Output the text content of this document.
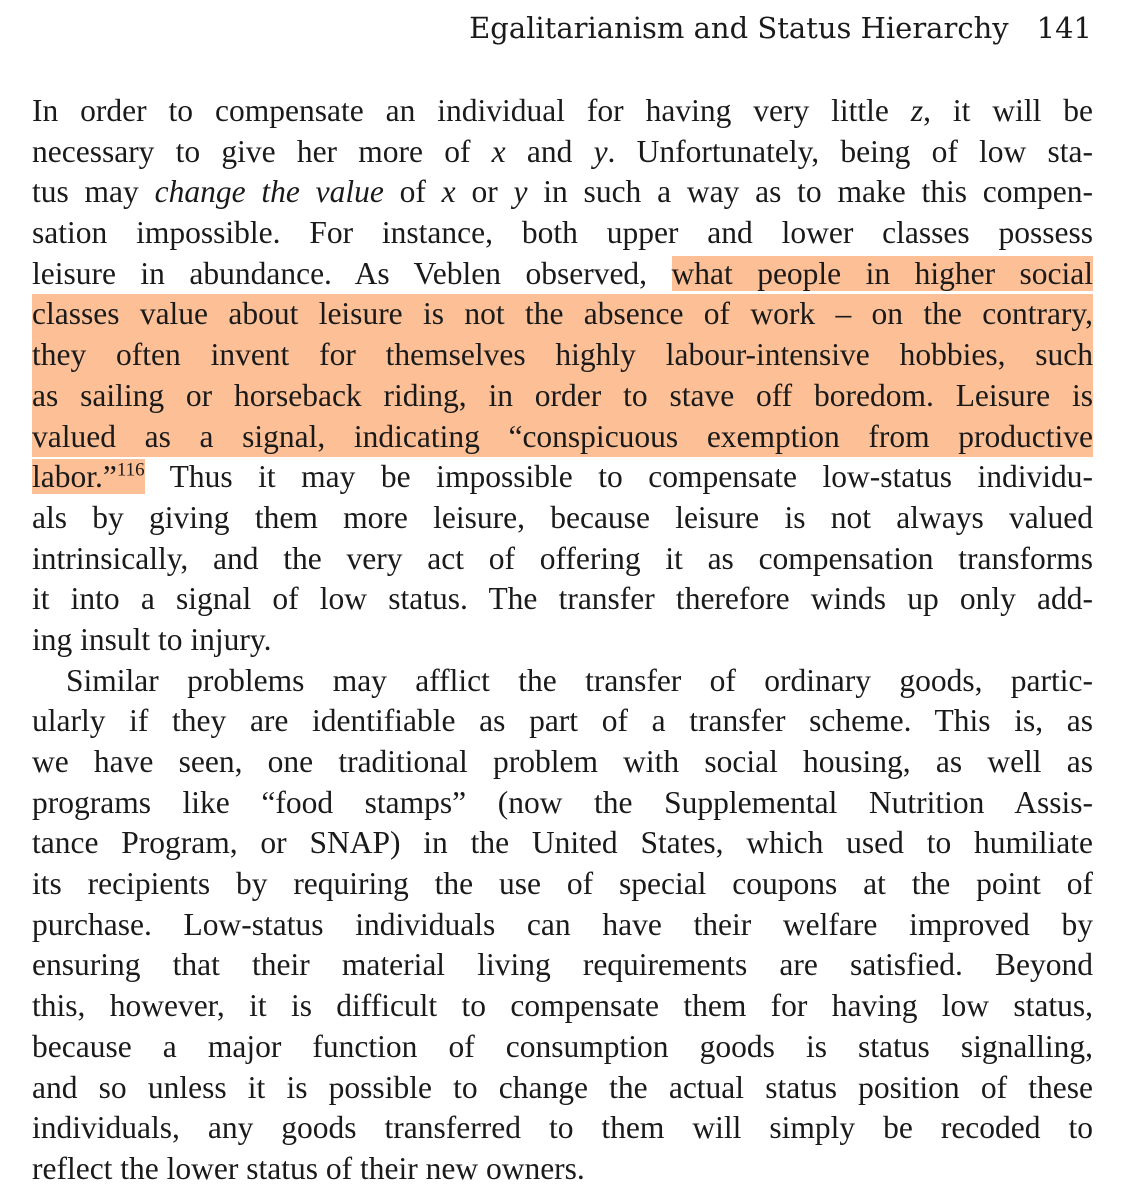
Egalitarianism and Status Hierarchy 141
In order to compensate an individual for having very little z, it will be
necessary to give her more of x and y. Unfortunately, being of low sta-
tus may change the value of x or y in such a way as to make this compen-
sation impossible. For instance, both upper and lower classes possess
leisure in abundance. As Veblen observed, what people in higher social
classes value about leisure is not the absence of work – on the contrary,
they often invent for themselves highly labour-intensive hobbies, such
as sailing or horseback riding, in order to stave off boredom. Leisure is
valued as a signal, indicating “conspicuous exemption from productive
labor.”$^{116}$ Thus it may be impossible to compensate low-status individu-
als by giving them more leisure, because leisure is not always valued
intrinsically, and the very act of offering it as compensation transforms
it into a signal of low status. The transfer therefore winds up only add-
ing insult to injury.
Similar problems may afflict the transfer of ordinary goods, partic-
ularly if they are identifiable as part of a transfer scheme. This is, as
we have seen, one traditional problem with social housing, as well as
programs like “food stamps” (now the Supplemental Nutrition Assis-
tance Program, or SNAP) in the United States, which used to humiliate
its recipients by requiring the use of special coupons at the point of
purchase. Low-status individuals can have their welfare improved by
ensuring that their material living requirements are satisfied. Beyond
this, however, it is difficult to compensate them for having low status,
because a major function of consumption goods is status signalling,
and so unless it is possible to change the actual status position of these
individuals, any goods transferred to them will simply be recoded to
reflect the lower status of their new owners.
